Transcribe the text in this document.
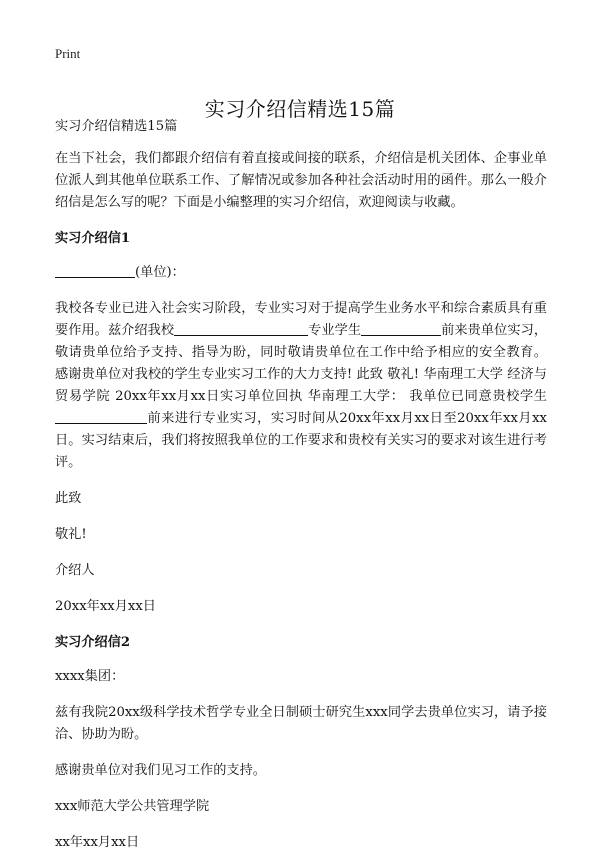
Print
实习介绍信精选15篇

实习介绍信精选15篇

在当下社会，我们都跟介绍信有着直接或间接的联系，介绍信是机关团体、企事业单位派人到其他单位联系工作、了解情况或参加各种社会活动时用的函件。那么一般介绍信是怎么写的呢？下面是小编整理的实习介绍信，欢迎阅读与收藏。

实习介绍信1

(单位)：

我校各专业已进入社会实习阶段，专业实习对于提高学生业务水平和综合素质具有重要作用。兹介绍我校	专业学生	前来贵单位实习，敬请贵单位给予支持、指导为盼，同时敬请贵单位在工作中给予相应的安全教育。 感谢贵单位对我校的学生专业实习工作的大力支持! 此致 敬礼! 华南理工大学 经济与贸易学院 20xx年xx月xx日实习单位回执 华南理工大学： 我单位已同意贵校学生前来进行专业实习，实习时间从20xx年xx月xx日至20xx年xx月xx日。实习结束后，我们将按照我单位的工作要求和贵校有关实习的要求对该生进行考评。

此致

敬礼!

介绍人

20xx年xx月xx日

实习介绍信2

xxxx集团：

兹有我院20xx级科学技术哲学专业全日制硕士研究生xxx同学去贵单位实习，请予接洽、协助为盼。

感谢贵单位对我们见习工作的支持。

xxx师范大学公共管理学院

xx年xx月xx日
